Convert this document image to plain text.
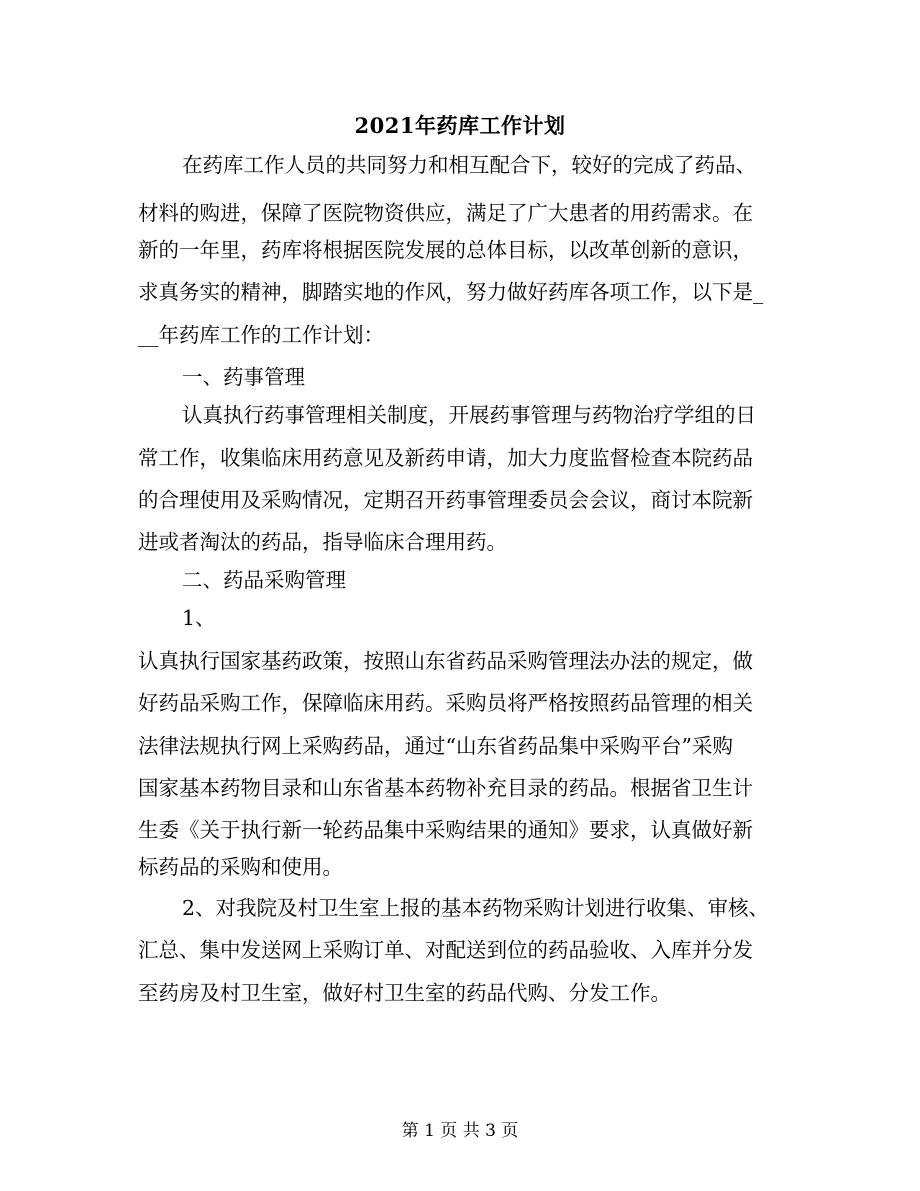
2021年药库工作计划
在药库工作人员的共同努力和相互配合下，较好的完成了药品、
材料的购进，保障了医院物资供应，满足了广大患者的用药需求。在
新的一年里，药库将根据医院发展的总体目标，以改革创新的意识，
求真务实的精神，脚踏实地的作风，努力做好药库各项工作，以下是_
__年药库工作的工作计划：
一、药事管理
认真执行药事管理相关制度，开展药事管理与药物治疗学组的日
常工作，收集临床用药意见及新药申请，加大力度监督检查本院药品
的合理使用及采购情况，定期召开药事管理委员会会议，商讨本院新
进或者淘汰的药品，指导临床合理用药。
二、药品采购管理
1、
认真执行国家基药政策，按照山东省药品采购管理法办法的规定，做
好药品采购工作，保障临床用药。采购员将严格按照药品管理的相关
法律法规执行网上采购药品，通过“山东省药品集中采购平台”采购
国家基本药物目录和山东省基本药物补充目录的药品。根据省卫生计
生委《关于执行新一轮药品集中采购结果的通知》要求，认真做好新
标药品的采购和使用。
2、对我院及村卫生室上报的基本药物采购计划进行收集、审核、
汇总、集中发送网上采购订单、对配送到位的药品验收、入库并分发
至药房及村卫生室，做好村卫生室的药品代购、分发工作。
第 1 页 共 3 页
